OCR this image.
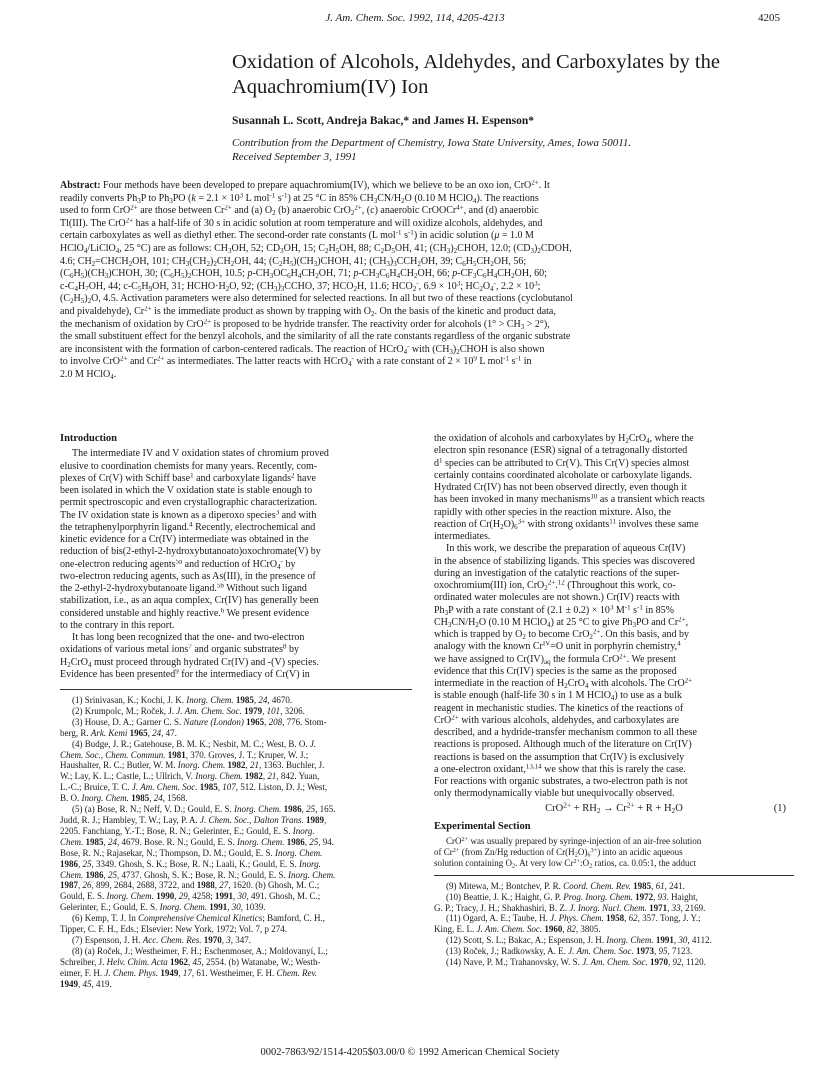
J. Am. Chem. Soc. 1992, 114, 4205-4213	4205
Oxidation of Alcohols, Aldehydes, and Carboxylates by the
Aquachromium(IV) Ion
Susannah L. Scott, Andreja Bakac,* and James H. Espenson*
Contribution from the Department of Chemistry, Iowa State University, Ames, Iowa 50011.
Received September 3, 1991
Abstract: Four methods have been developed to prepare aquachromium(IV), which we believe to be an oxo ion, CrO$^{2+}$. It
readily converts $Ph_3P$ to $Ph_3PO$ ($k = 2.1 \times 10^3$ L mol$^{-1}$ $s^{-1}$) at 25 °C in 85% $CH_3CN/H_2O$ (0.10 M HClO$_4$). The reactions
used to form CrO$^{2+}$ are those between $Cr^{2+}$ and (a) $O_2$ (b) anaerobic CrO$_2^{2+}$, (c) anaerobic CrOOCr$^{4+}$, and (d) anaerobic
Tl(III). The CrO$^{2+}$ has a half-life of 30 s in acidic solution at room temperature and will oxidize alcohols, aldehydes, and
certain carboxylates as well as diethyl ether. The second-order rate constants (L mol$^{-1}$ $s^{-1}$) in acidic solution (μ = 1.0 M
HClO$_4$/LiClO$_4$, 25 °C) are as follows: $CH_3OH$, 52; $CD_3OH$, 15; $C_2H_5OH$, 88; $C_2D_5OH$, 41; $(CH_3)_2CHOH$, 12.0; $(CD_3)_2CDOH$,
4.6; $CH_2=CHCH_2OH$, 101; $CH_3(CH_2)_2CH_2OH$, 44; $(C_2H_5)(CH_3)CHOH$, 41; $(CH_3)_3CCH_2OH$, 39; $C_6H_5CH_2OH$, 56;
$(C_6H_5)(CH_3)CHOH$, 30; $(C_6H_5)_2CHOH$, 10.5; $p-CH_3OC_6H_4CH_2OH$, 71; $p-CH_3C_6H_4CH_2OH$, 66; $p-CF_3C_6H_4CH_2OH$, 60;
$c-C_4H_7OH$, 44; $c-C_5H_9OH$, 31; $HCHO\cdot H_2O$, 92; $(CH_3)_3CCHO$, 37; $HCO_2H$, 11.6; $HCO_2^-$, $6.9 \times 10^3$; $HC_2O_4^-$, $2.2 \times 10^3$;
$(C_2H_5)_2O$, 4.5. Activation parameters were also determined for selected reactions. In all but two of these reactions (cyclobutanol
and pivaldehyde), $Cr^{2+}$ is the immediate product as shown by trapping with $O_2$. On the basis of the kinetic and product data,
the mechanism of oxidation by CrO$^{2+}$ is proposed to be hydride transfer. The reactivity order for alcohols $(1^\circ > CH_3 > 2^\circ)$,
the small substituent effect for the benzyl alcohols, and the similarity of all the rate constants regardless of the organic substrate
are inconsistent with the formation of carbon-centered radicals. The reaction of HCrO$_4$- with $(CH_3)_2CHOH$ is also shown
to involve CrO$^{2+}$ and $Cr^{2+}$ as intermediates. The latter reacts with HCrO$_4$- with a rate constant of $2 \times 10^9$ L mol$^{-1}$ $s^{-1}$ in
2.0 M HClO$_4$.
Introduction
The intermediate IV and V oxidation states of chromium proved
elusive to coordination chemists for many years. Recently, com-
plexes of Cr(V) with Schiff base$^1$ and carboxylate ligands$^2$ have
been isolated in which the V oxidation state is stable enough to
permit spectroscopic and even crystallographic characterization.
The IV oxidation state is known as a diperoxo species$^3$ and with
the tetraphenylporphyrin ligand.$^4$ Recently, electrochemical and
kinetic evidence for a Cr(IV) intermediate was obtained in the
reduction of bis(2-ethyl-2-hydroxybutanoato)oxochromate(V) by
one-electron reducing agents$^{5a}$ and reduction of HCrO$_4$- by
two-electron reducing agents, such as As(III), in the presence of
the 2-ethyl-2-hydroxybutanoate ligand.$^{5b}$ Without such ligand
stabilization, i.e., as an aqua complex, Cr(IV) has generally been
considered unstable and highly reactive.$^6$ We present evidence
to the contrary in this report.
It has long been recognized that the one- and two-electron
oxidations of various metal ions$^7$ and organic substrates$^8$ by
$H_2CrO_4$ must proceed through hydrated Cr(IV) and -(V) species.
Evidence has been presented$^9$ for the intermediacy of Cr(V) in
(1) Srinivasan, K.; Kochi, J. K. Inorg. Chem. 1985, 24, 4670.
(2) Krumpolc, M.; Roček, J. J. Am. Chem. Soc. 1979, 101, 3206.
(3) House, D. A.; Garner C. S. Nature (London) 1965, 208, 776. Stom-
berg, R. Ark. Kemi 1965, 24, 47.
(4) Budge, J. R.; Gatehouse, B. M. K.; Nesbit, M. C.; West, B. O. J.
Chem. Soc., Chem. Commun. 1981, 370. Groves, J. T.; Kruper, W. J.;
Haushalter, R. C.; Butler, W. M. Inorg. Chem. 1982, 21, 1363. Buchler, J.
W.; Lay, K. L.; Castle, L.; Ullrich, V. Inorg. Chem. 1982, 21, 842. Yuan,
L.-C.; Bruice, T. C. J. Am. Chem. Soc. 1985, 107, 512. Liston, D. J.; West,
B. O. Inorg. Chem. 1985, 24, 1568.
(5) (a) Bose, R. N.; Neff, V. D.; Gould, E. S. Inorg. Chem. 1986, 25, 165.
Judd, R. J.; Hambley, T. W.; Lay, P. A. J. Chem. Soc., Dalton Trans. 1989,
2205. Fanchiang, Y.-T.; Bose, R. N.; Gelerinter, E.; Gould, E. S. Inorg.
Chem. 1985, 24, 4679. Bose. R. N.; Gould, E. S. Inorg. Chem. 1986, 25, 94.
Bose, R. N.; Rajasekar, N.; Thompson, D. M.; Gould, E. S. Inorg. Chem.
1986, 25, 3349. Ghosh, S. K.; Bose, R. N.; Laali, K.; Gould, E. S. Inorg.
Chem. 1986, 25, 4737. Ghosh, S. K.; Bose, R. N.; Gould, E. S. Inorg. Chem.
1987, 26, 899, 2684, 2688, 3722, and 1988, 27, 1620. (b) Ghosh, M. C.;
Gould, E. S. Inorg. Chem. 1990, 29, 4258; 1991, 30, 491. Ghosh, M. C.;
Gelerinter, E.; Gould, E. S. Inorg. Chem. 1991, 30, 1039.
(6) Kemp, T. J. In Comprehensive Chemical Kinetics; Bamford, C. H.,
Tipper, C. F. H., Eds.; Elsevier: New York, 1972; Vol. 7, p 274.
(7) Espenson, J. H. Acc. Chem. Res. 1970, 3, 347.
(8) (a) Roček, J.; Westheimer, F. H.; Eschenmoser, A.; Moldovanyí, L.;
Schreiber, J. Helv. Chim. Acta 1962, 45, 2554. (b) Watanabe, W.; Westh-
eimer, F. H. J. Chem. Phys. 1949, 17, 61. Westheimer, F. H. Chem. Rev.
1949, 45, 419.
the oxidation of alcohols and carboxylates by $H_2CrO_4$, where the
electron spin resonance (ESR) signal of a tetragonally distorted
$d^1$ species can be attributed to Cr(V). This Cr(V) species almost
certainly contains coordinated alcoholate or carboxylate ligands.
Hydrated Cr(IV) has not been observed directly, even though it
has been invoked in many mechanisms$^{10}$ as a transient which reacts
rapidly with other species in the reaction mixture. Also, the
reaction of $Cr(H_2O)_6^{3+}$ with strong oxidants$^{11}$ involves these same
intermediates.
In this work, we describe the preparation of aqueous Cr(IV)
in the absence of stabilizing ligands. This species was discovered
during an investigation of the catalytic reactions of the super-
oxochromium(III) ion, CrO$_2^{2+}$.$^{12}$ (Throughout this work, co-
ordinated water molecules are not shown.) Cr(IV) reacts with
$Ph_3P$ with a rate constant of $(2.1 \pm 0.2) \times 10^3$ $M^{-1}$ $s^{-1}$ in 85%
$CH_3CN/H_2O$ (0.10 M HClO$_4$) at 25 °C to give $Ph_3PO$ and $Cr^{2+}$,
which is trapped by $O_2$ to become CrO$_2^{2+}$. On this basis, and by
analogy with the known $Cr^{IV}=O$ unit in porphyrin chemistry,$^4$
we have assigned to $Cr(IV)_{aq}$ the formula CrO$^{2+}$. We present
evidence that this Cr(IV) species is the same as the proposed
intermediate in the reaction of $H_2CrO_4$ with alcohols. The CrO$^{2+}$
is stable enough (half-life 30 s in 1 M HClO$_4$) to use as a bulk
reagent in mechanistic studies. The kinetics of the reactions of
CrO$^{2+}$ with various alcohols, aldehydes, and carboxylates are
described, and a hydride-transfer mechanism common to all these
reactions is proposed. Although much of the literature on Cr(IV)
reactions is based on the assumption that Cr(IV) is exclusively
a one-electron oxidant,$^{13,14}$ we show that this is rarely the case.
For reactions with organic substrates, a two-electron path is not
only thermodynamically viable but unequivocally observed.
$CrO^{2+} + RH_2 \to Cr^{2+} + R + H_2O$	(1)
Experimental Section
CrO$^{2+}$ was usually prepared by syringe-injection of an air-free solution
of $Cr^{2+}$ (from Zn/Hg reduction of $Cr(H_2O)_6^{3+}$) into an acidic aqueous
solution containing $O_2$. At very low $Cr^{2+}:O_2$ ratios, ca. 0.05:1, the adduct
(9) Mitewa, M.; Bontchev, P. R. Coord. Chem. Rev. 1985, 61, 241.
(10) Beattie, J. K.; Haight, G. P. Prog. Inorg. Chem. 1972, 93. Haight,
G. P.; Tracy, J. H.; Shakhashiri, B. Z. J. Inorg. Nucl. Chem. 1971, 33, 2169.
(11) Ogard, A. E.; Taube, H. J. Phys. Chem. 1958, 62, 357. Tong, J. Y.;
King, E. L. J. Am. Chem. Soc. 1960, 82, 3805.
(12) Scott, S. L.; Bakac, A.; Espenson, J. H. Inorg. Chem. 1991, 30, 4112.
(13) Roček, J.; Radkowsky, A. E. J. Am. Chem. Soc. 1973, 95, 7123.
(14) Nave, P. M.; Trahanovsky, W. S. J. Am. Chem. Soc. 1970, 92, 1120.
0002-7863/92/1514-4205$03.00/0 © 1992 American Chemical Society
